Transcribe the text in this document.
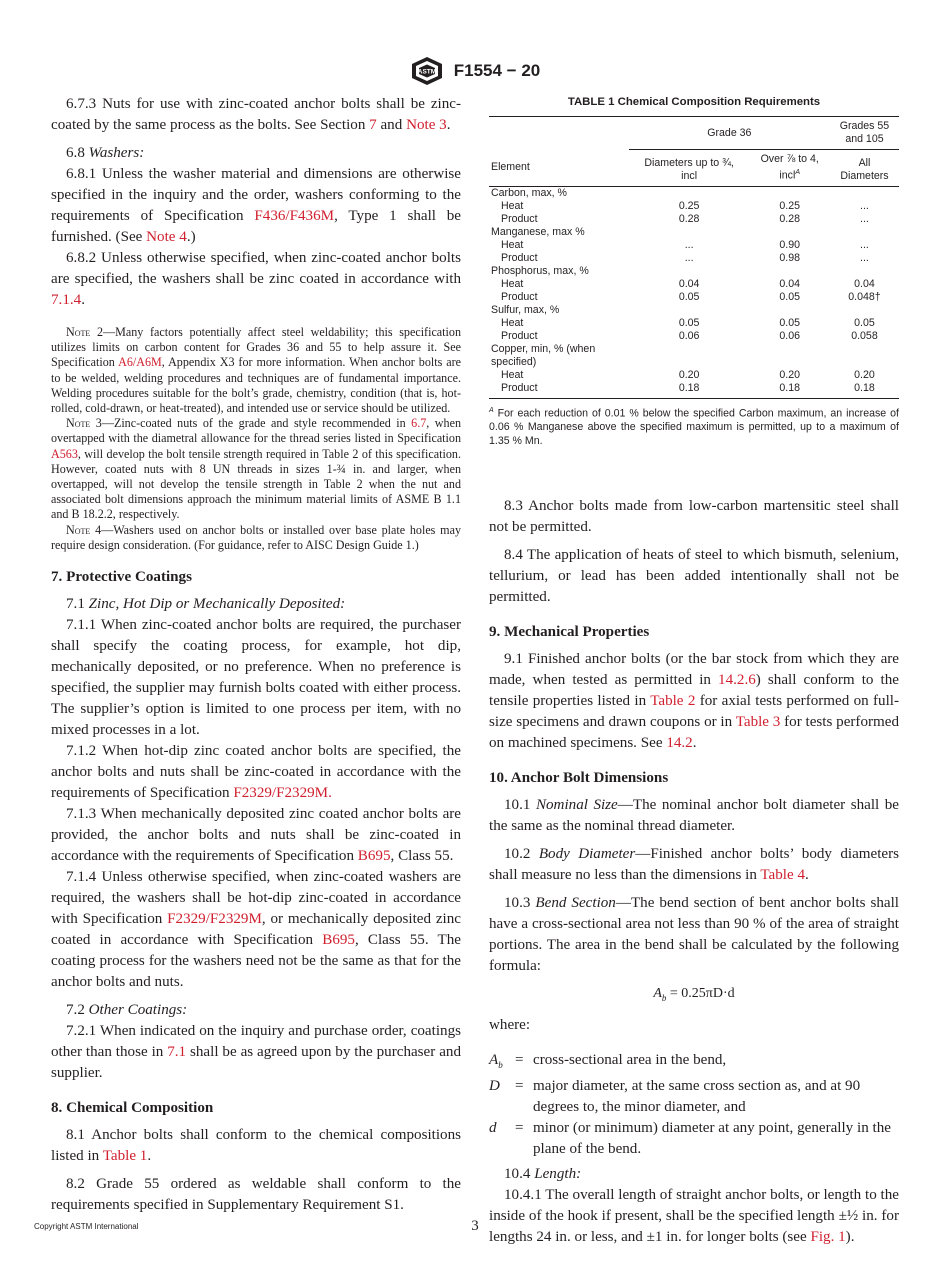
ASTM F1554 − 20

6.7.3 Nuts for use with zinc-coated anchor bolts shall be zinc-coated by the same process as the bolts. See Section 7 and Note 3.

6.8 Washers:

6.8.1 Unless the washer material and dimensions are otherwise specified in the inquiry and the order, washers conforming to the requirements of Specification F436/F436M, Type 1 shall be furnished. (See Note 4.)

6.8.2 Unless otherwise specified, when zinc-coated anchor bolts are specified, the washers shall be zinc coated in accordance with 7.1.4.

Note 2—Many factors potentially affect steel weldability; this specification utilizes limits on carbon content for Grades 36 and 55 to help assure it. See Specification A6/A6M, Appendix X3 for more information. When anchor bolts are to be welded, welding procedures and techniques are of fundamental importance. Welding procedures suitable for the bolt’s grade, chemistry, condition (that is, hot-rolled, cold-drawn, or heat-treated), and intended use or service should be utilized.

Note 3—Zinc-coated nuts of the grade and style recommended in 6.7, when overtapped with the diametral allowance for the thread series listed in Specification A563, will develop the bolt tensile strength required in Table 2 of this specification. However, coated nuts with 8 UN threads in sizes 1-¾ in. and larger, when overtapped, will not develop the tensile strength in Table 2 when the nut and associated bolt dimensions approach the minimum material limits of ASME B 1.1 and B 18.2.2, respectively.

Note 4—Washers used on anchor bolts or installed over base plate holes may require design consideration. (For guidance, refer to AISC Design Guide 1.)

7. Protective Coatings

7.1 Zinc, Hot Dip or Mechanically Deposited:

7.1.1 When zinc-coated anchor bolts are required, the purchaser shall specify the coating process, for example, hot dip, mechanically deposited, or no preference. When no preference is specified, the supplier may furnish bolts coated with either process. The supplier’s option is limited to one process per item, with no mixed processes in a lot.

7.1.2 When hot-dip zinc coated anchor bolts are specified, the anchor bolts and nuts shall be zinc-coated in accordance with the requirements of Specification F2329/F2329M.

7.1.3 When mechanically deposited zinc coated anchor bolts are provided, the anchor bolts and nuts shall be zinc-coated in accordance with the requirements of Specification B695, Class 55.

7.1.4 Unless otherwise specified, when zinc-coated washers are required, the washers shall be hot-dip zinc-coated in accordance with Specification F2329/F2329M, or mechanically deposited zinc coated in accordance with Specification B695, Class 55. The coating process for the washers need not be the same as that for the anchor bolts and nuts.

7.2 Other Coatings:

7.2.1 When indicated on the inquiry and purchase order, coatings other than those in 7.1 shall be as agreed upon by the purchaser and supplier.

8. Chemical Composition

8.1 Anchor bolts shall conform to the chemical compositions listed in Table 1.

8.2 Grade 55 ordered as weldable shall conform to the requirements specified in Supplementary Requirement S1.

TABLE 1 Chemical Composition Requirements

	Grade 36		Grades 55
and 105
Element	Diameters up to ¾,
incl	Over ⅞ to 4,
incl$^A$	All
Diameters
Carbon, max, %			
Heat	0.25	0.25	...
Product	0.28	0.28	...
Manganese, max %			
Heat	...	0.90	...
Product	...	0.98	...
Phosphorus, max, %			
Heat	0.04	0.04	0.04
Product	0.05	0.05	0.048†
Sulfur, max, %			
Heat	0.05	0.05	0.05
Product	0.06	0.06	0.058
Copper, min, % (when			
specified)			
Heat	0.20	0.20	0.20
Product	0.18	0.18	0.18

$^A$ For each reduction of 0.01 % below the specified Carbon maximum, an increase of 0.06 % Manganese above the specified maximum is permitted, up to a maximum of 1.35 % Mn.

8.3 Anchor bolts made from low-carbon martensitic steel shall not be permitted.

8.4 The application of heats of steel to which bismuth, selenium, tellurium, or lead has been added intentionally shall not be permitted.

9. Mechanical Properties

9.1 Finished anchor bolts (or the bar stock from which they are made, when tested as permitted in 14.2.6) shall conform to the tensile properties listed in Table 2 for axial tests performed on full-size specimens and drawn coupons or in Table 3 for tests performed on machined specimens. See 14.2.

10. Anchor Bolt Dimensions

10.1 Nominal Size—The nominal anchor bolt diameter shall be the same as the nominal thread diameter.

10.2 Body Diameter—Finished anchor bolts’ body diameters shall measure no less than the dimensions in Table 4.

10.3 Bend Section—The bend section of bent anchor bolts shall have a cross-sectional area not less than 90 % of the area of straight portions. The area in the bend shall be calculated by the following formula:

$A_b = 0.25\pi D\cdot d$

where:

$A_b$ = cross-sectional area in the bend,
D = major diameter, at the same cross section as, and at 90 degrees to, the minor diameter, and
d	= minor (or minimum) diameter at any point, generally in the plane of the bend.

10.4 Length:

10.4.1 The overall length of straight anchor bolts, or length to the inside of the hook if present, shall be the specified length ±½ in. for lengths 24 in. or less, and ±1 in. for longer bolts (see Fig. 1).

Copyright ASTM International	3
